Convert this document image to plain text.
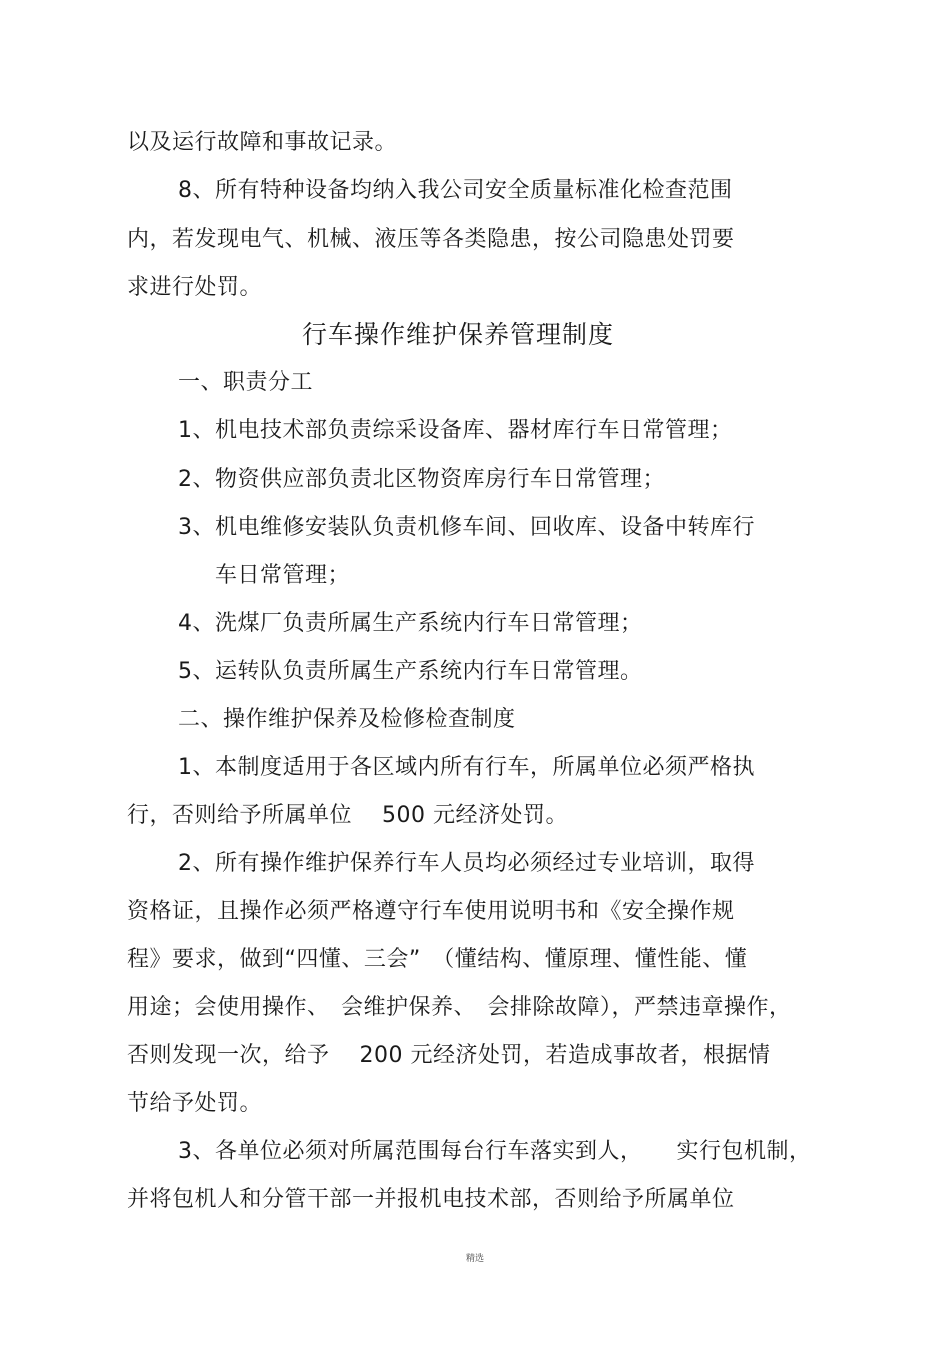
以及运行故障和事故记录。
8、所有特种设备均纳入我公司安全质量标准化检查范围
内，若发现电气、机械、液压等各类隐患，按公司隐患处罚要
求进行处罚。
行车操作维护保养管理制度
一、职责分工
1、机电技术部负责综采设备库、器材库行车日常管理；
2、物资供应部负责北区物资库房行车日常管理；
3、机电维修安装队负责机修车间、回收库、设备中转库行
车日常管理；
4、洗煤厂负责所属生产系统内行车日常管理；
5、运转队负责所属生产系统内行车日常管理。
二、操作维护保养及检修检查制度
1、本制度适用于各区域内所有行车，所属单位必须严格执
行，否则给予所属单位　 500 元经济处罚。
2、所有操作维护保养行车人员均必须经过专业培训，取得
资格证，且操作必须严格遵守行车使用说明书和《安全操作规
程》要求，做到“四懂、三会”　（懂结构、懂原理、懂性能、懂
用途；会使用操作、　会维护保养、　会排除故障），严禁违章操作，
否则发现一次，给予　 200 元经济处罚，若造成事故者，根据情
节给予处罚。
3、各单位必须对所属范围每台行车落实到人，　　实行包机制，
并将包机人和分管干部一并报机电技术部，否则给予所属单位
精选
